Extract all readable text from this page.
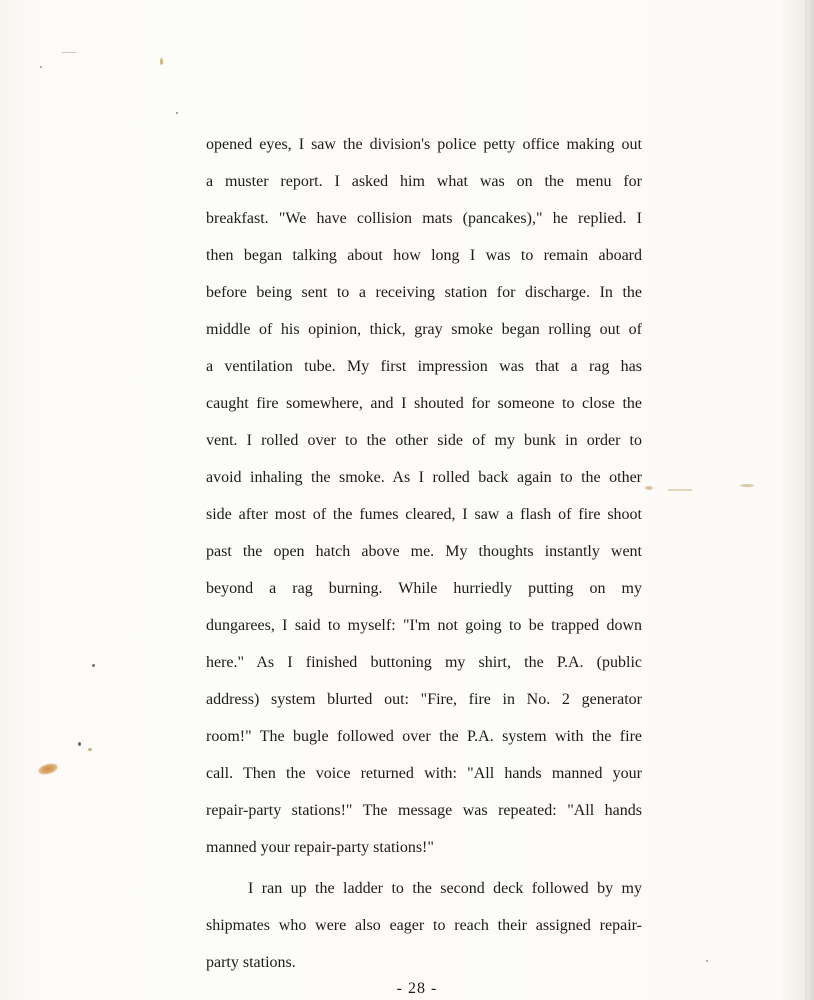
opened eyes, I saw the division's police petty office making out
a muster report. I asked him what was on the menu for
breakfast. "We have collision mats (pancakes)," he replied. I
then began talking about how long I was to remain aboard
before being sent to a receiving station for discharge. In the
middle of his opinion, thick, gray smoke began rolling out of
a ventilation tube. My first impression was that a rag has
caught fire somewhere, and I shouted for someone to close the
vent. I rolled over to the other side of my bunk in order to
avoid inhaling the smoke. As I rolled back again to the other
side after most of the fumes cleared, I saw a flash of fire shoot
past the open hatch above me. My thoughts instantly went
beyond a rag burning. While hurriedly putting on my
dungarees, I said to myself: "I'm not going to be trapped down
here." As I finished buttoning my shirt, the P.A. (public
address) system blurted out: "Fire, fire in No. 2 generator
room!" The bugle followed over the P.A. system with the fire
call. Then the voice returned with: "All hands manned your
repair-party stations!" The message was repeated: "All hands
manned your repair-party stations!"
I ran up the ladder to the second deck followed by my
shipmates who were also eager to reach their assigned repair-
party stations.
- 28 -
